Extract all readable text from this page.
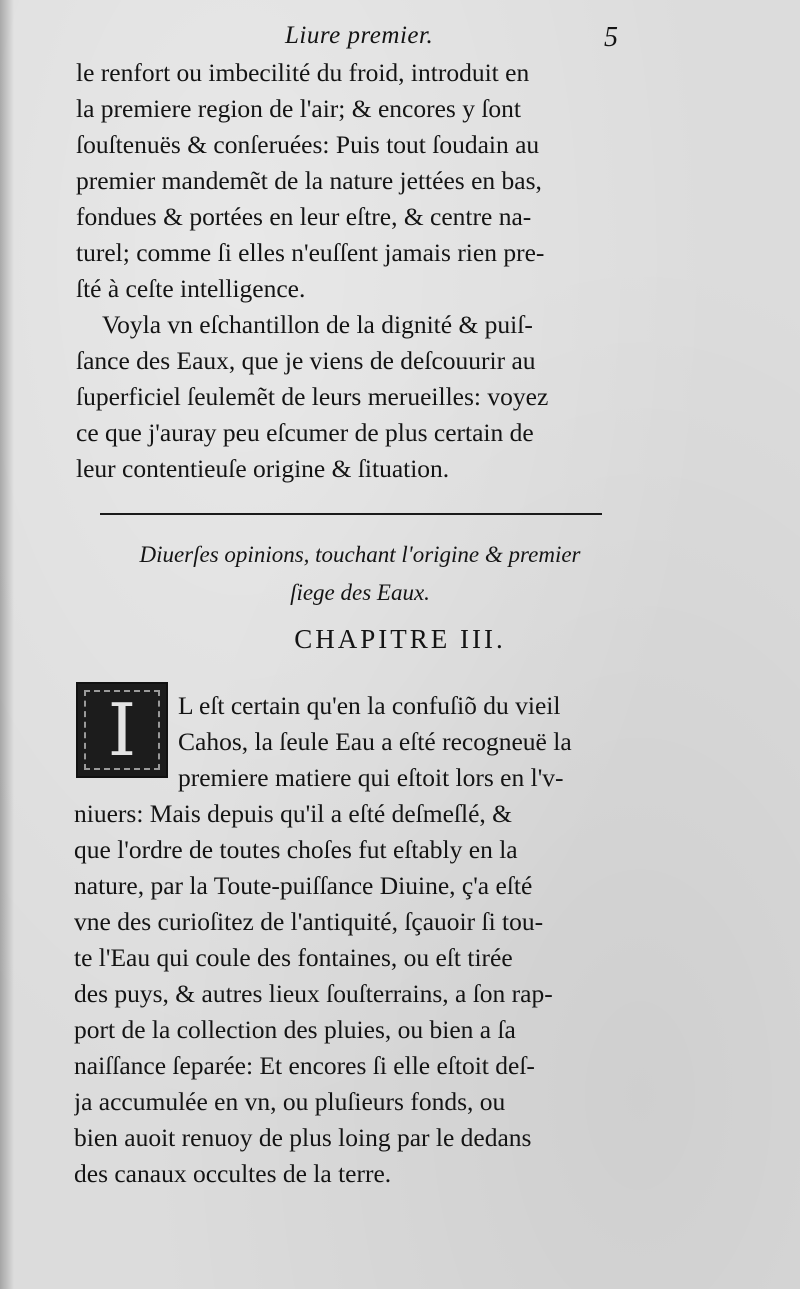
Liure premier.	5
le renfort ou imbecilité du froid, introduit en
la premiere region de l'air; & encores y ſont
ſouſtenuës & conſeruées: Puis tout ſoudain au
premier mandemẽt de la nature jettées en bas,
fondues & portées en leur eſtre, & centre na-
turel; comme ſi elles n'euſſent jamais rien pre-
ſté à ceſte intelligence.
Voyla vn eſchantillon de la dignité & puiſ-
ſance des Eaux, que je viens de deſcouurir au
ſuperficiel ſeulemẽt de leurs merueilles: voyez
ce que j'auray peu eſcumer de plus certain de
leur contentieuſe origine & ſituation.
Diuerſes opinions, touchant l'origine & premier
ſiege des Eaux.
CHAPITRE III.
I	L eſt certain qu'en la confuſiõ du vieil
Cahos, la ſeule Eau a eſté recogneuë la
premiere matiere qui eſtoit lors en l'v-
niuers: Mais depuis qu'il a eſté deſmeſlé, &
que l'ordre de toutes choſes fut eſtably en la
nature, par la Toute-puiſſance Diuine, ç'a eſté
vne des curioſitez de l'antiquité, ſçauoir ſi tou-
te l'Eau qui coule des fontaines, ou eſt tirée
des puys, & autres lieux ſouſterrains, a ſon rap-
port de la collection des pluies, ou bien a ſa
naiſſance ſeparée: Et encores ſi elle eſtoit deſ-
ja accumulée en vn, ou pluſieurs fonds, ou
bien auoit renuoy de plus loing par le dedans
des canaux occultes de la terre.
